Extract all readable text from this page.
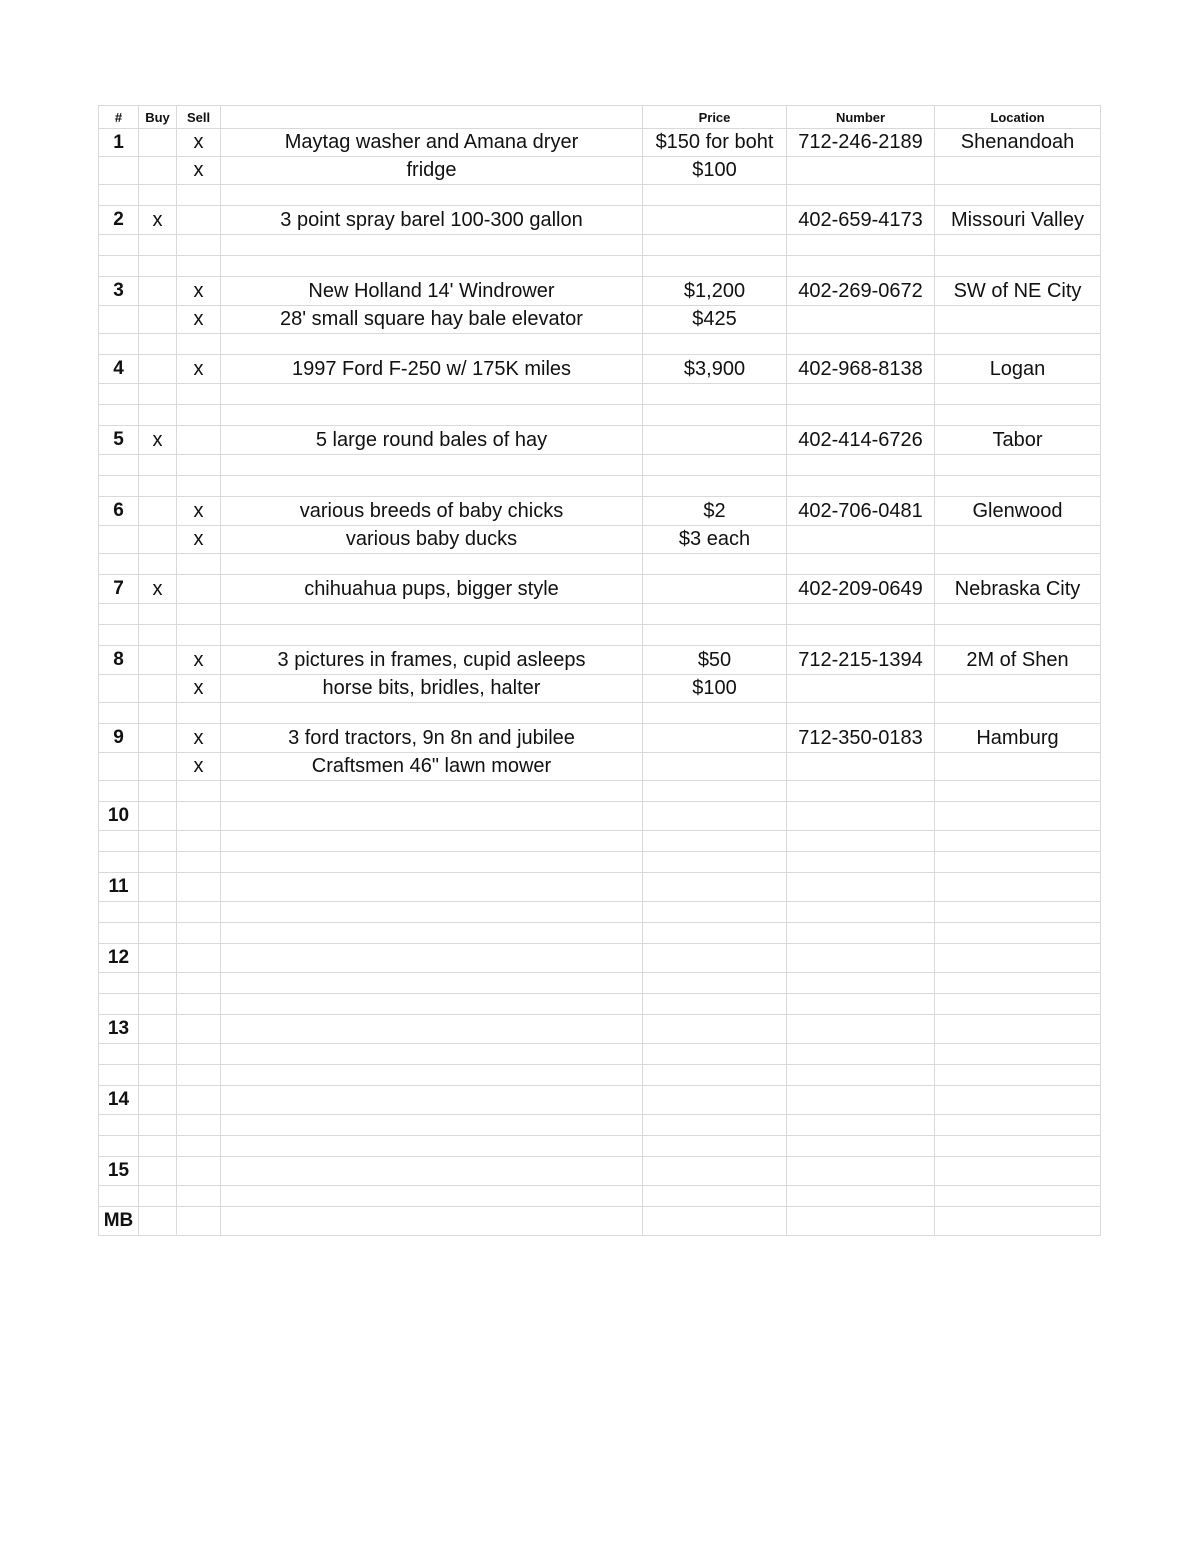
#	Buy	Sell		Price	Number	Location
1		x	Maytag washer and Amana dryer	$150 for boht	712-246-2189	Shenandoah
		x	fridge	$100		

2	x		3 point spray barel 100-300 gallon		402-659-4173	Missouri Valley

3		x	New Holland 14' Windrower	$1,200	402-269-0672	SW of NE City
		x	28' small square hay bale elevator	$425		

4		x	1997 Ford F-250 w/ 175K miles	$3,900	402-968-8138	Logan

5	x		5 large round bales of hay		402-414-6726	Tabor

6		x	various breeds of baby chicks	$2	402-706-0481	Glenwood
		x	various baby ducks	$3 each		

7	x		chihuahua pups, bigger style		402-209-0649	Nebraska City

8		x	3 pictures in frames, cupid asleeps	$50	712-215-1394	2M of Shen
		x	horse bits, bridles, halter	$100		

9		x	3 ford tractors, 9n 8n and jubilee		712-350-0183	Hamburg
		x	Craftsmen 46" lawn mower			

10						

11						

12						

13						

14						

15						

MB						
